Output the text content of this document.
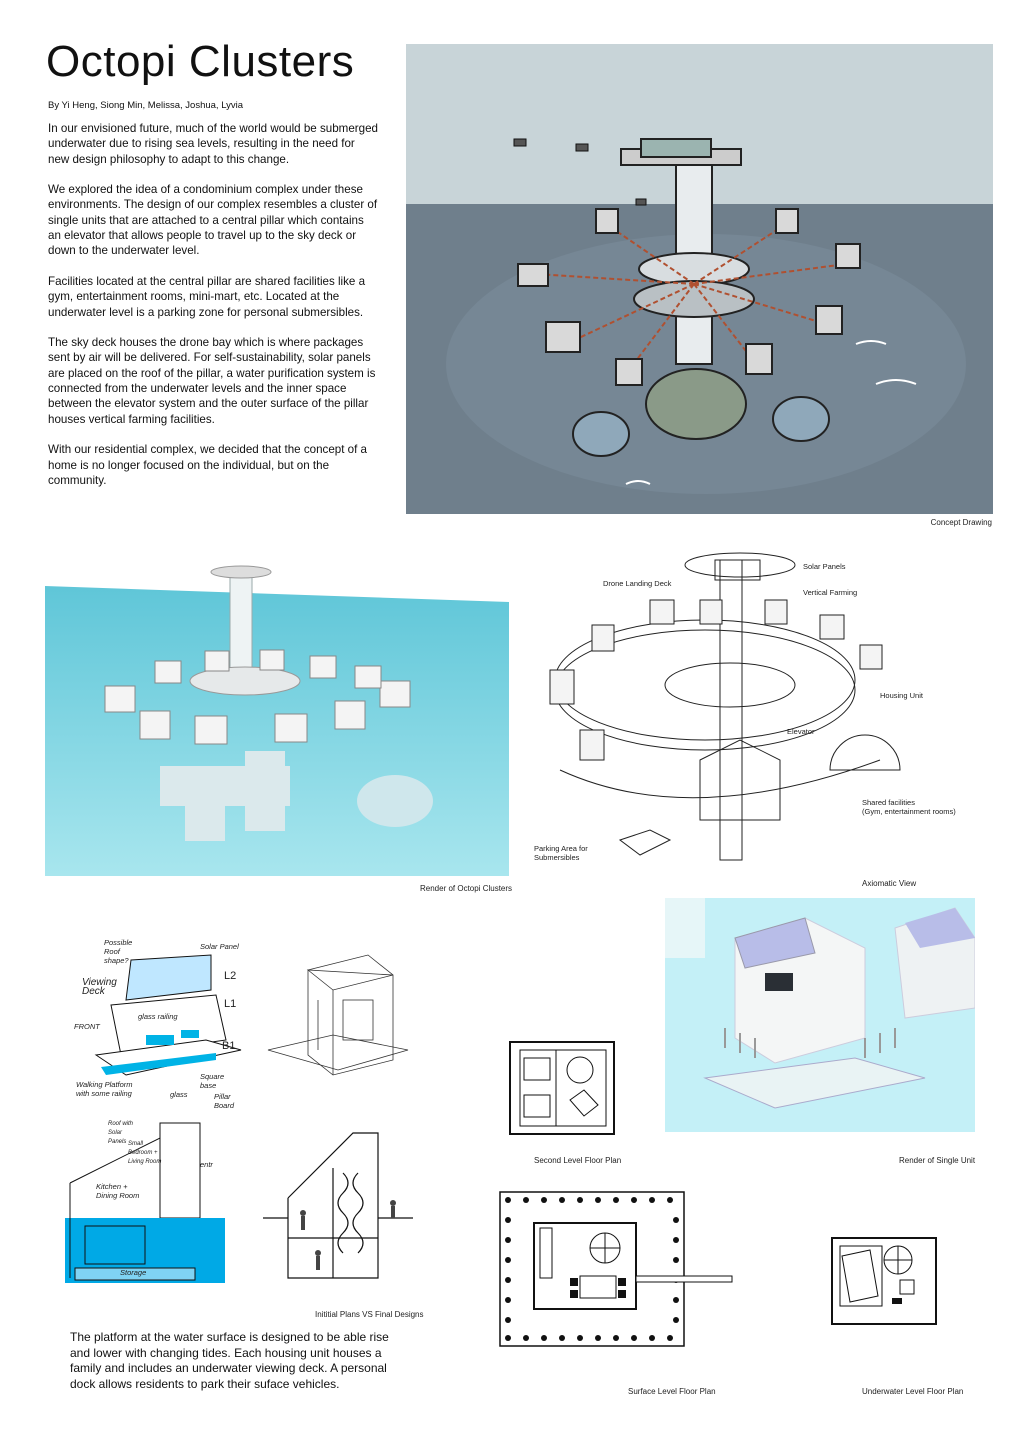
Octopi Clusters
By Yi Heng, Siong Min, Melissa, Joshua, Lyvia

In our envisioned future, much of the world would be submerged underwater due to rising sea levels, resulting in the need for new design philosophy to adapt to this change.

We explored the idea of a condominium complex under these environments. The design of our complex resembles a cluster of single units that are attached to a central pillar which contains an elevator that allows people to travel up to the sky deck or down to the underwater level.

Facilities located at the central pillar are shared facilities like a gym, entertainment rooms, mini-mart, etc. Located at the underwater level is a parking zone for personal submersibles.

The sky deck houses the drone bay which is where packages sent by air will be delivered. For self-sustainability, solar panels are placed on the roof of the pillar, a water purification system is connected from the underwater levels and the inner space between the elevator system and the outer surface of the pillar houses vertical farming facilities.

With our residential complex, we decided that the concept of a home is no longer focused on the individual, but on the community.

Concept Drawing
Render of Octopi Clusters
Solar Panels
Drone Landing Deck
Vertical Farming
Housing Unit
Elevator
Shared facilities
(Gym, entertainment rooms)
Parking Area for
Submersibles
Axiomatic View
Possible Roof shape?
Solar Panel
Viewing Deck
FRONT
glass railing
Walking Platform with some railing
Square base
glass	Pillar Board
L2
L1
B1
Roof with Solar Panels Small Bedroom + Living Room
Kitchen + Dining Room
Storage
entr
Inititial Plans VS Final Designs
Second Level Floor Plan	Render of Single Unit
Surface Level Floor Plan	Underwater Level Floor Plan
The platform at the water surface is designed to be able rise and lower with changing tides. Each housing unit houses a family and includes an underwater viewing deck. A personal dock allows residents to park their suface vehicles.
